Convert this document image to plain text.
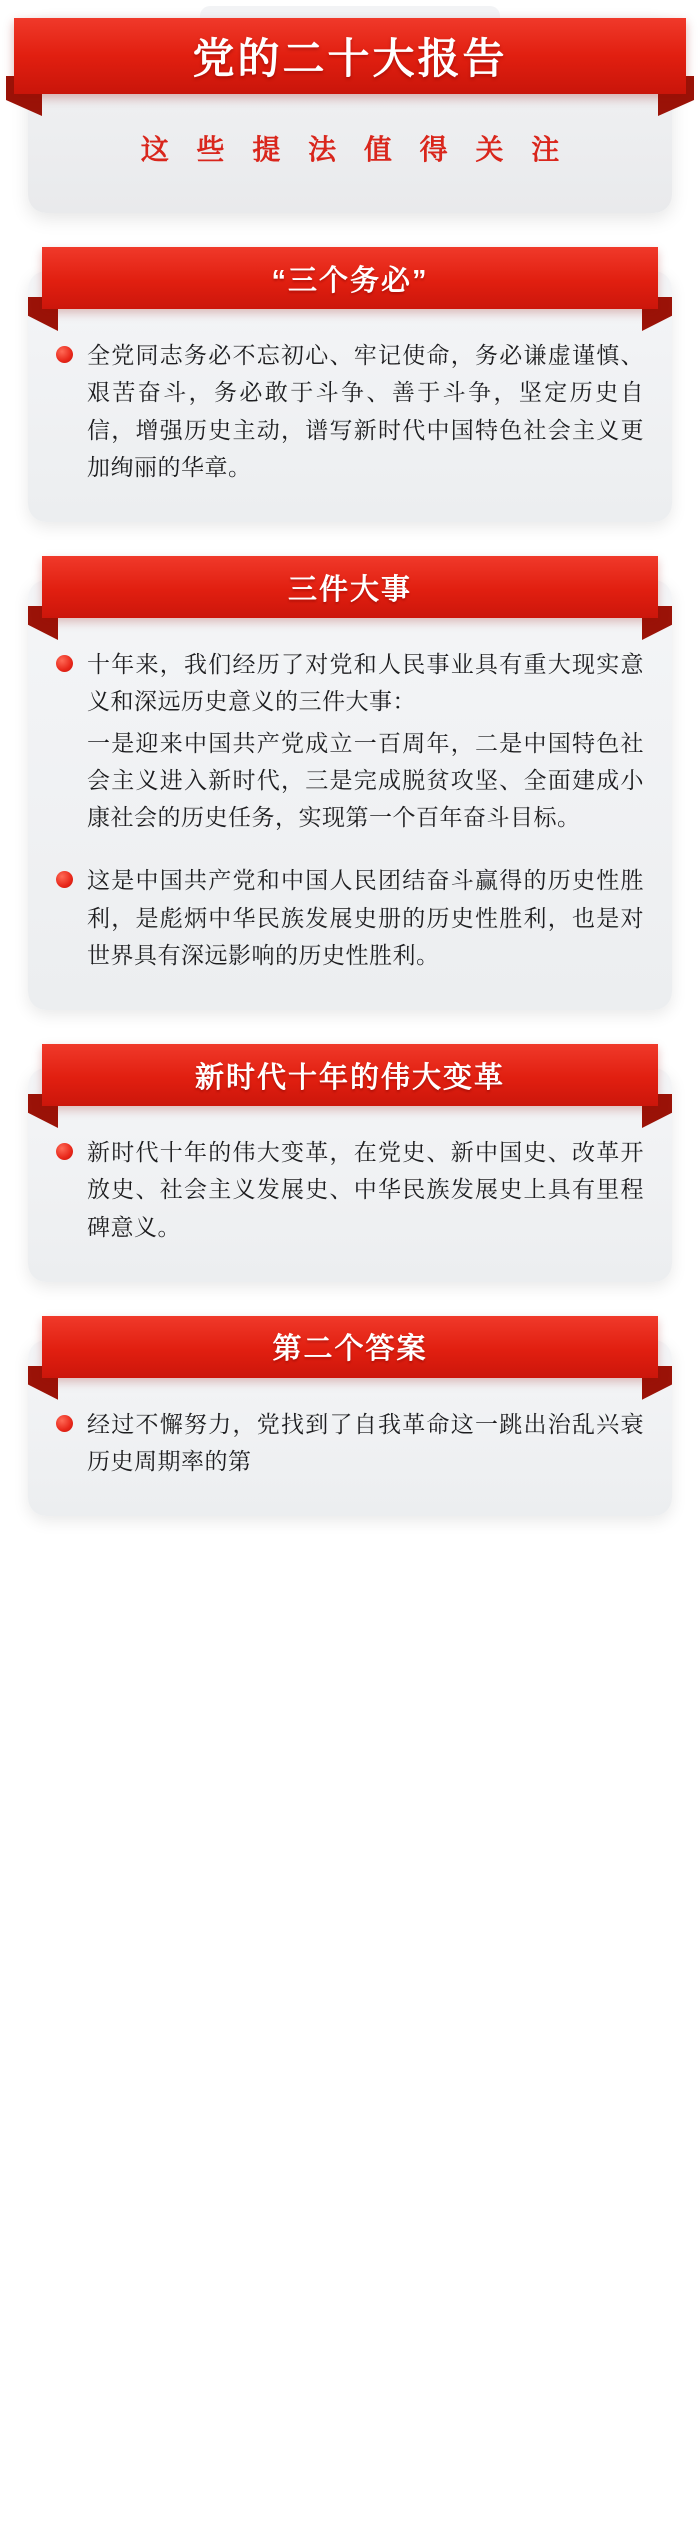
党的二十大报告
这 些 提 法 值 得 关 注
“三个务必”

全党同志务必不忘初心、牢记使命，务必谦虚谨慎、艰苦奋斗，务必敢于斗争、善于斗争，坚定历史自信，增强历史主动，谱写新时代中国特色社会主义更加绚丽的华章。

三件大事

十年来，我们经历了对党和人民事业具有重大现实意义和深远历史意义的三件大事：

一是迎来中国共产党成立一百周年，二是中国特色社会主义进入新时代，三是完成脱贫攻坚、全面建成小康社会的历史任务，实现第一个百年奋斗目标。

这是中国共产党和中国人民团结奋斗赢得的历史性胜利，是彪炳中华民族发展史册的历史性胜利，也是对世界具有深远影响的历史性胜利。

新时代十年的伟大变革

新时代十年的伟大变革，在党史、新中国史、改革开放史、社会主义发展史、中华民族发展史上具有里程碑意义。

第二个答案

经过不懈努力，党找到了自我革命这一跳出治乱兴衰历史周期率的第
